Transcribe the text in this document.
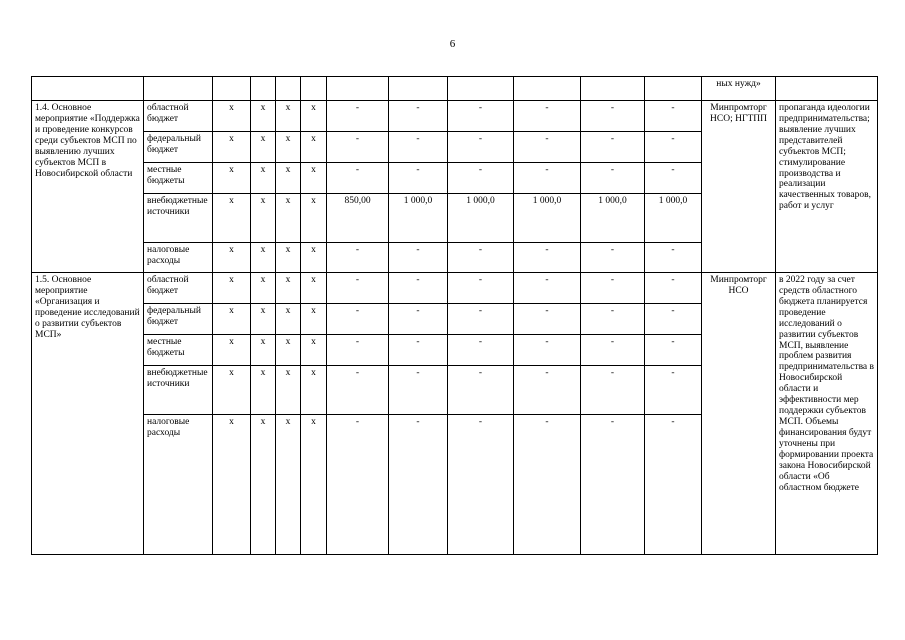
6
												ных нужд»	
1.4. Основное мероприятие «Поддержка и проведение конкурсов среди субъектов МСП по выявлению лучших субъектов МСП в Новосибирской области	областной бюджет	x	x	x	x	-	-	-	-	-	-	Минпромторг НСО; НГТПП	пропаганда идеологии предпринимательства; выявление лучших представителей субъектов МСП; стимулирование производства и реализации качественных товаров, работ и услуг
	федеральный бюджет	x	x	x	x	-	-	-	-	-	-		
	местные бюджеты	x	x	x	x	-	-	-	-	-	-		
	внебюджетные источники	x	x	x	x	850,00	1 000,0	1 000,0	1 000,0	1 000,0	1 000,0		
	налоговые расходы	x	x	x	x	-	-	-	-	-	-		
1.5. Основное мероприятие «Организация и проведение исследований о развитии субъектов МСП»	областной бюджет	x	x	x	x	-	-	-	-	-	-	Минпромторг НСО	в 2022 году за счет средств областного бюджета планируется проведение исследований о развитии субъектов МСП, выявление проблем развития предпринимательства в Новосибирской области и эффективности мер поддержки субъектов МСП. Объемы финансирования будут уточнены при формировании проекта закона Новосибирской области «Об областном бюджете
	федеральный бюджет	x	x	x	x	-	-	-	-	-	-		
	местные бюджеты	x	x	x	x	-	-	-	-	-	-		
	внебюджетные источники	x	x	x	x	-	-	-	-	-	-		
	налоговые расходы	x	x	x	x	-	-	-	-	-	-		
